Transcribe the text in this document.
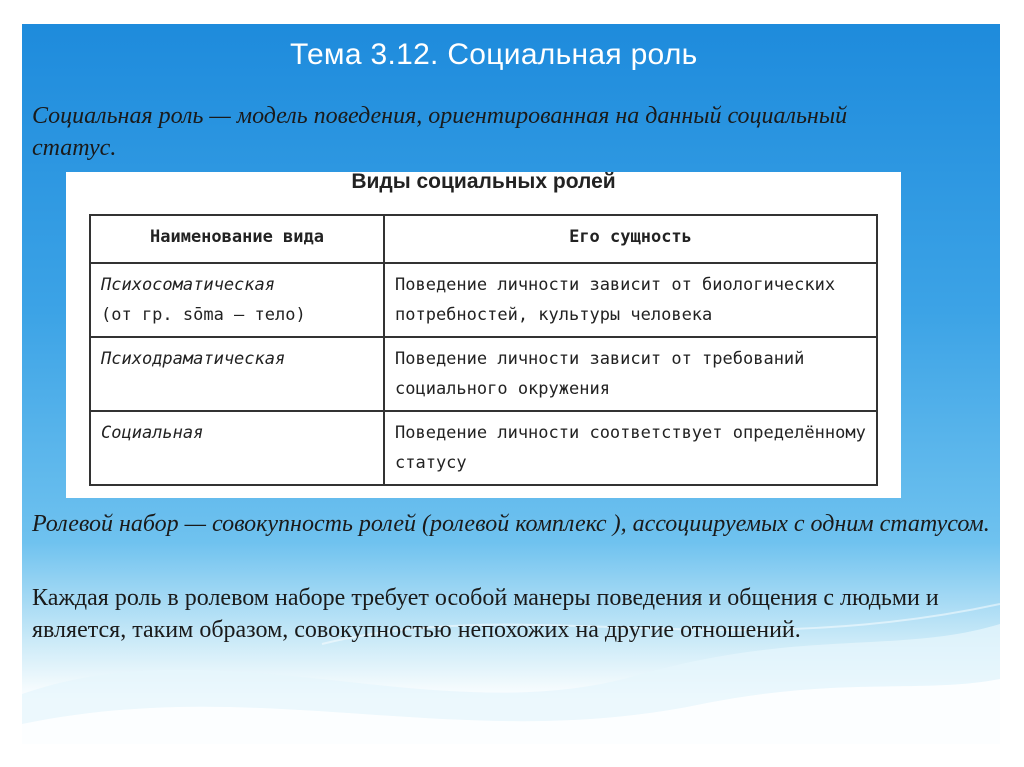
Тема 3.12. Социальная роль
Социальная роль — модель поведения, ориентированная на данный социальный статус.
Виды социальных ролей
Наименование вида	Его сущность

Психосоматическая
(от гр. sōma — тело)	Поведение личности зависит от биологических потребностей, культуры человека

Психодраматическая	Поведение личности зависит от требований социального окружения

Социальная	Поведение личности соответствует определённому статусу
Ролевой набор — совокупность ролей (ролевой комплекс ), ассоциируемых с одним статусом.
Каждая роль в ролевом наборе требует особой манеры поведения и общения с людьми и является, таким образом, совокупностью непохожих на другие отношений.
